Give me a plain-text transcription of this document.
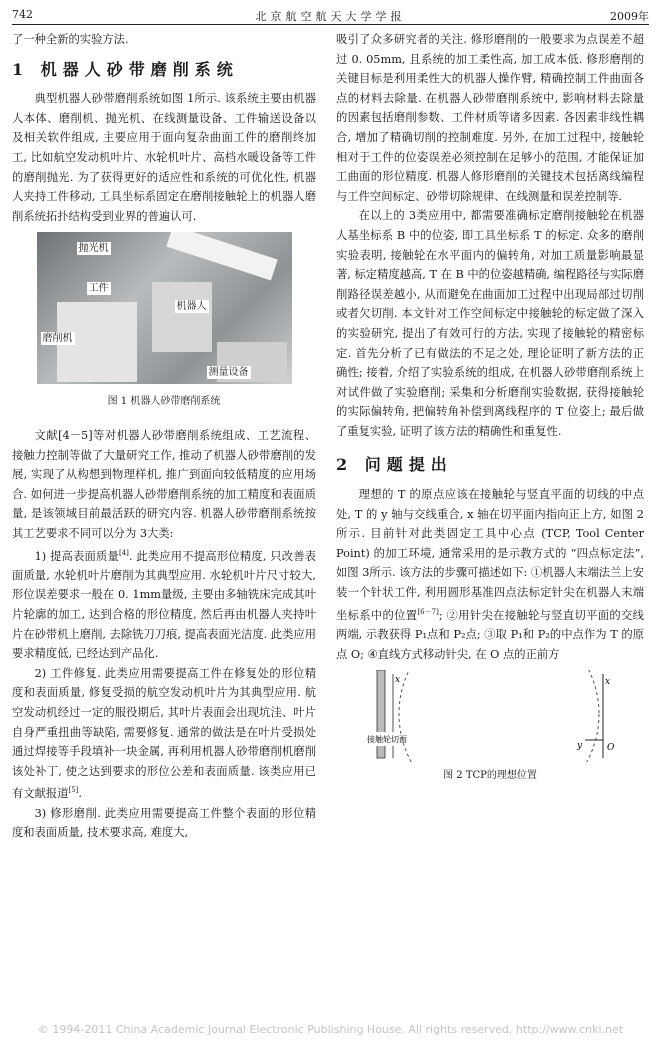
742	北京航空航天大学学报	2009年

了一种全新的实验方法.

1 机器人砂带磨削系统

典型机器人砂带磨削系统如图 1所示. 该系统主要由机器人本体、磨削机、抛光机、在线测量设备、工件输送设备以及相关软件组成, 主要应用于面向复杂曲面工件的磨削终加工, 比如航空发动机叶片、水轮机叶片、高档水暖设备等工件的磨削抛光. 为了获得更好的适应性和系统的可优化性, 机器人夹持工件移动, 工具坐标系固定在磨削接触轮上的机器人磨削系统拓扑结构受到业界的普遍认可.

抛光机
工件
机器人
磨削机
测量设备
图 1 机器人砂带磨削系统

文献[4－5]等对机器人砂带磨削系统组成、工艺流程、接触力控制等做了大量研究工作, 推动了机器人砂带磨削的发展, 实现了从构想到物理样机, 推广到面向较低精度的应用场合. 如何进一步提高机器人砂带磨削系统的加工精度和表面质量, 是该领域目前最活跃的研究内容. 机器人砂带磨削系统按其工艺要求不同可以分为 3大类:

1) 提高表面质量[4]. 此类应用不提高形位精度, 只改善表面质量, 水轮机叶片磨削为其典型应用. 水轮机叶片尺寸较大, 形位误差要求一般在 0. 1mm量级, 主要由多轴铣床完成其叶片轮廓的加工, 达到合格的形位精度, 然后再由机器人夹持叶片在砂带机上磨削, 去除铣刀刀痕, 提高表面光洁度. 此类应用要求精度低, 已经达到产品化.

2) 工件修复. 此类应用需要提高工件在修复处的形位精度和表面质量, 修复受损的航空发动机叶片为其典型应用. 航空发动机经过一定的服役期后, 其叶片表面会出现坑洼、叶片自身严重扭曲等缺陷, 需要修复. 通常的做法是在叶片受损处通过焊接等手段填补一块金属, 再利用机器人砂带磨削机磨削该处补丁, 使之达到要求的形位公差和表面质量. 该类应用已有文献报道[5].

3) 修形磨削. 此类应用需要提高工件整个表面的形位精度和表面质量, 技术要求高, 难度大,

吸引了众多研究者的关注. 修形磨削的一般要求为点误差不超过 0. 05mm, 且系统的加工柔性高, 加工成本低. 修形磨削的关键目标是利用柔性大的机器人操作臂, 精确控制工件曲面各点的材料去除量. 在机器人砂带磨削系统中, 影响材料去除量的因素包括磨削参数、工件材质等诸多因素. 各因素非线性耦合, 增加了精确切削的控制难度. 另外, 在加工过程中, 接触轮相对于工件的位姿误差必须控制在足够小的范围, 才能保证加工曲面的形位精度. 机器人修形磨削的关键技术包括离线编程与工件空间标定、砂带切除规律、在线测量和误差控制等.

在以上的 3类应用中, 都需要准确标定磨削接触轮在机器人基坐标系 B 中的位姿, 即工具坐标系 T 的标定. 众多的磨削实验表明, 接触轮在水平面内的偏转角, 对加工质量影响最显著, 标定精度越高, T 在 B 中的位姿越精确, 编程路径与实际磨削路径误差越小, 从而避免在曲面加工过程中出现局部过切削或者欠切削. 本文针对工作空间标定中接触轮的标定做了深入的实验研究, 提出了有效可行的方法, 实现了接触轮的精密标定. 首先分析了已有做法的不足之处, 理论证明了新方法的正确性; 接着, 介绍了实验系统的组成, 在机器人砂带磨削系统上对试件做了实验磨削; 采集和分析磨削实验数据, 获得接触轮的实际偏转角, 把偏转角补偿到离线程序的 T 位姿上; 最后做了重复实验, 证明了该方法的精确性和重复性.

2 问题提出

理想的 T 的原点应该在接触轮与竖直平面的切线的中点处, T 的 y 轴与交线重合, x 轴在切平面内指向正上方, 如图 2所示. 目前针对此类固定工具中心点 (TCP, Tool Center Point) 的加工环境, 通常采用的是示教方式的 “四点标定法”, 如图 3所示. 该方法的步骤可描述如下: ①机器人末端法兰上安装一个针状工件, 利用圆形基准四点法标定针尖在机器人末端坐标系中的位置[6－7]; ②用针尖在接触轮与竖直切平面的交线两端, 示教获得 P₁点和 P₂点; ③取 P₁和 P₂的中点作为 T 的原点 O; ④直线方式移动针尖, 在 O 点的正前方

接触轮切面
x	x
y	O
图 2 TCP的理想位置
© 1994-2011 China Academic Journal Electronic Publishing House. All rights reserved. http://www.cnki.net
